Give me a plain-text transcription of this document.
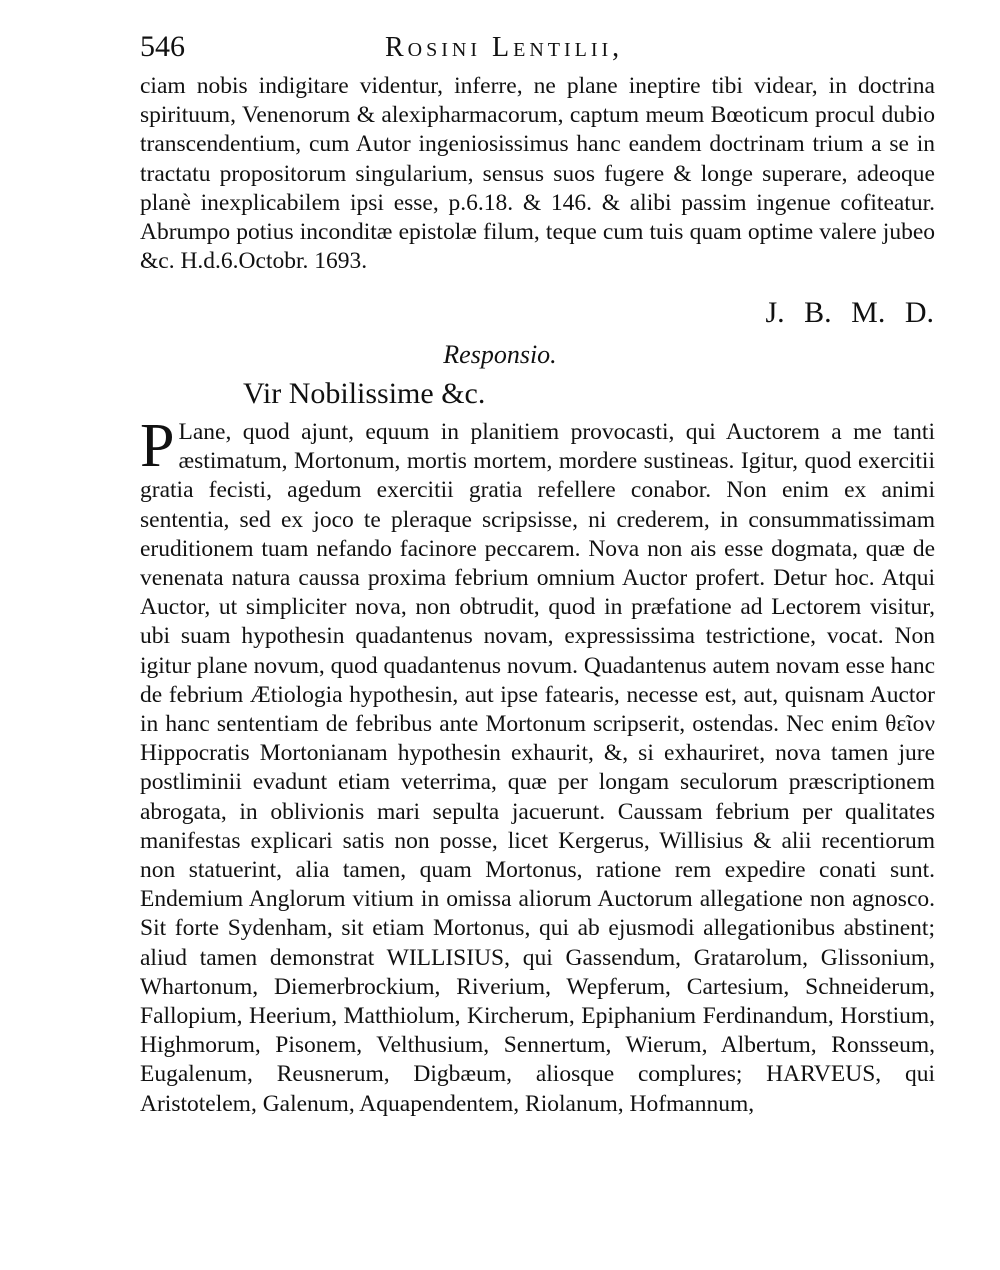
546	Rosini Lentilii,

ciam nobis indigitare videntur, inferre, ne plane ineptire tibi videar, in doctrina spirituum, Venenorum & alexipharmacorum, captum meum Bœoticum procul dubio transcendentium, cum Autor ingeniosissimus hanc eandem doctrinam trium a se in tractatu propositorum singularium, sensus suos fugere & longe superare, adeoque planè inexplicabilem ipsi esse, p.6.18. & 146. & alibi passim ingenue cofiteatur. Abrumpo potius inconditæ epistolæ filum, teque cum tuis quam optime valere jubeo &c. H.d.6.Octobr. 1693.

J. B. M. D.
Responsio.
Vir Nobilissime &c.

P Lane, quod ajunt, equum in planitiem provocasti, qui Auctorem a me tanti æstimatum, Mortonum, mortis mortem, mordere sustineas. Igitur, quod exercitii gratia fecisti, agedum exercitii gratia refellere conabor. Non enim ex animi sententia, sed ex joco te pleraque scripsisse, ni crederem, in consummatissimam eruditionem tuam nefando facinore peccarem. Nova non ais esse dogmata, quæ de venenata natura caussa proxima febrium omnium Auctor profert. Detur hoc. Atqui Auctor, ut simpliciter nova, non obtrudit, quod in præfatione ad Lectorem visitur, ubi suam hypothesin quadantenus novam, expressissima testrictione, vocat. Non igitur plane novum, quod quadantenus novum. Quadantenus autem novam esse hanc de febrium Ætiologia hypothesin, aut ipse fatearis, necesse est, aut, quisnam Auctor in hanc sententiam de febribus ante Mortonum scripserit, ostendas. Nec enim θεῖον Hippocratis Mortonianam hypothesin exhaurit, &, si exhauriret, nova tamen jure postliminii evadunt etiam veterrima, quæ per longam seculorum præscriptionem abrogata, in oblivionis mari sepulta jacuerunt. Caussam febrium per qualitates manifestas explicari satis non posse, licet Kergerus, Willisius & alii recentiorum non statuerint, alia tamen, quam Mortonus, ratione rem expedire conati sunt. Endemium Anglorum vitium in omissa aliorum Auctorum allegatione non agnosco. Sit forte Sydenham, sit etiam Mortonus, qui ab ejusmodi allegationibus abstinent; aliud tamen demonstrat WILLISIUS, qui Gassendum, Gratarolum, Glissonium, Whartonum, Diemerbrockium, Riverium, Wepferum, Cartesium, Schneiderum, Fallopium, Heerium, Matthiolum, Kircherum, Epiphanium Ferdinandum, Horstium, Highmorum, Pisonem, Velthusium, Sennertum, Wierum, Albertum, Ronsseum, Eugalenum, Reusnerum, Digbæum, aliosque complures; HARVEUS, qui Aristotelem, Galenum, Aquapendentem, Riolanum, Hofmannum,
